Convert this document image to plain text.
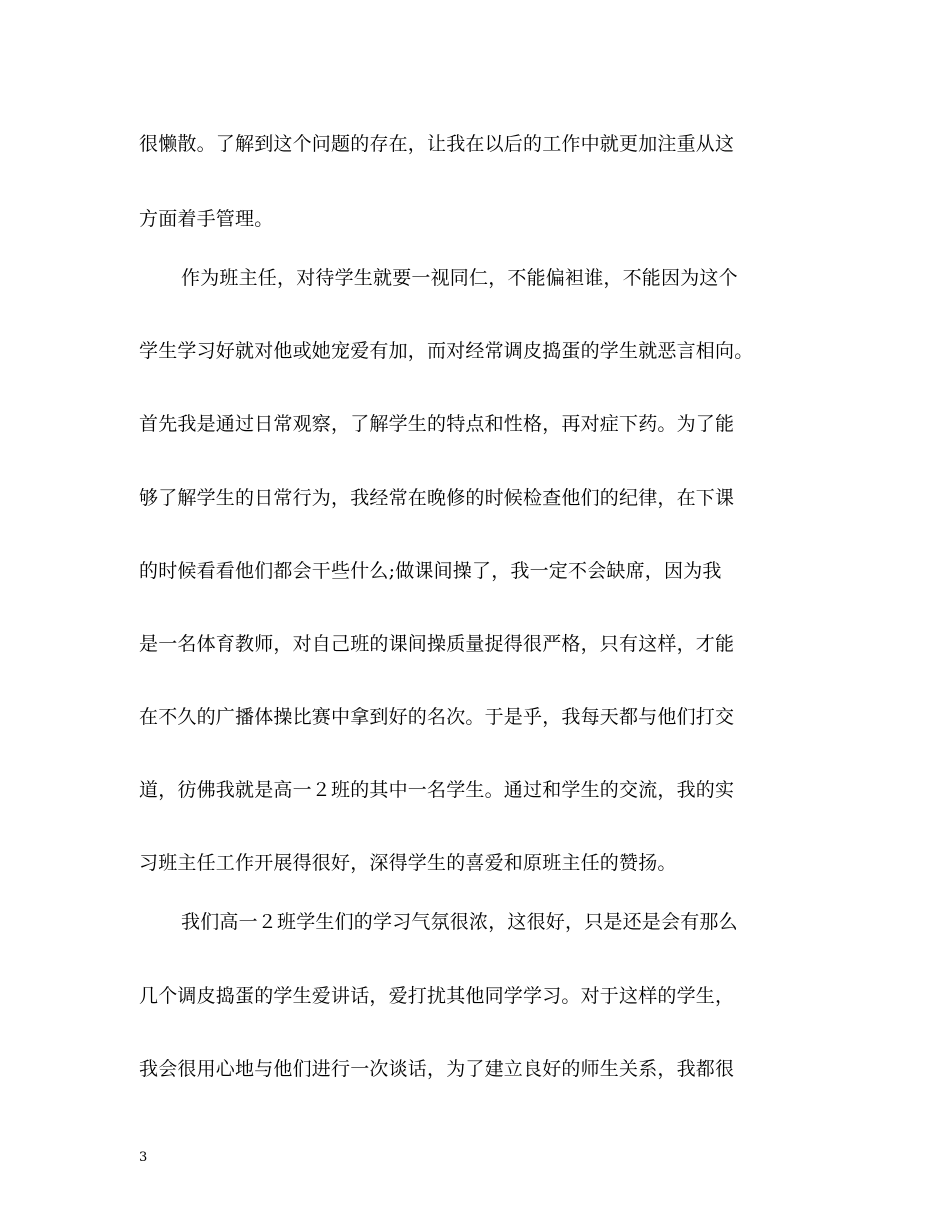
很懒散。了解到这个问题的存在，让我在以后的工作中就更加注重从这
方面着手管理。
作为班主任，对待学生就要一视同仁，不能偏袒谁，不能因为这个
学生学习好就对他或她宠爱有加，而对经常调皮捣蛋的学生就恶言相向。
首先我是通过日常观察，了解学生的特点和性格，再对症下药。为了能
够了解学生的日常行为，我经常在晚修的时候检查他们的纪律，在下课
的时候看看他们都会干些什么;做课间操了，我一定不会缺席，因为我
是一名体育教师，对自己班的课间操质量捉得很严格，只有这样，才能
在不久的广播体操比赛中拿到好的名次。于是乎，我每天都与他们打交
道，彷佛我就是高一２班的其中一名学生。通过和学生的交流，我的实
习班主任工作开展得很好，深得学生的喜爱和原班主任的赞扬。
我们高一２班学生们的学习气氛很浓，这很好，只是还是会有那么
几个调皮捣蛋的学生爱讲话，爱打扰其他同学学习。对于这样的学生，
我会很用心地与他们进行一次谈话，为了建立良好的师生关系，我都很
3
